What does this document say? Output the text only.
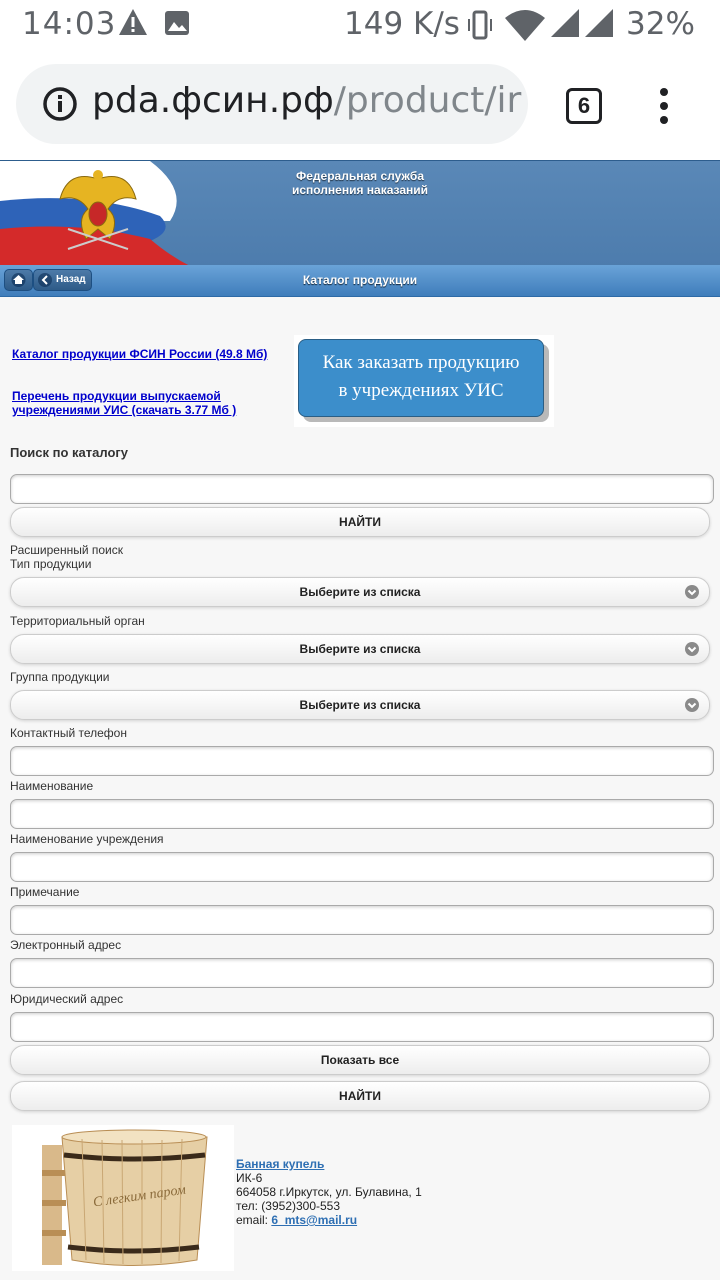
14:03	149 K/s	32%
pda.фсин.рф/product/ir	6
Федеральная служба
исполнения наказаний
Каталог продукции
Назад
Каталог продукции ФСИН России (49.8 Мб)
Перечень продукции выпускаемой
учреждениями УИС (скачать 3.77 Мб )
Как заказать продукцию
в учреждениях УИС
Поиск по каталогу
НАЙТИ
Расширенный поиск
Тип продукции
Выберите из списка
Территориальный орган
Выберите из списка
Группа продукции
Выберите из списка
Контактный телефон
Наименование
Наименование учреждения
Примечание
Электронный адрес
Юридический адрес
Показать все
НАЙТИ
С легким паром
Банная купель
ИК-6
664058 г.Иркутск, ул. Булавина, 1
тел: (3952)300-553
email: 6_mts@mail.ru
